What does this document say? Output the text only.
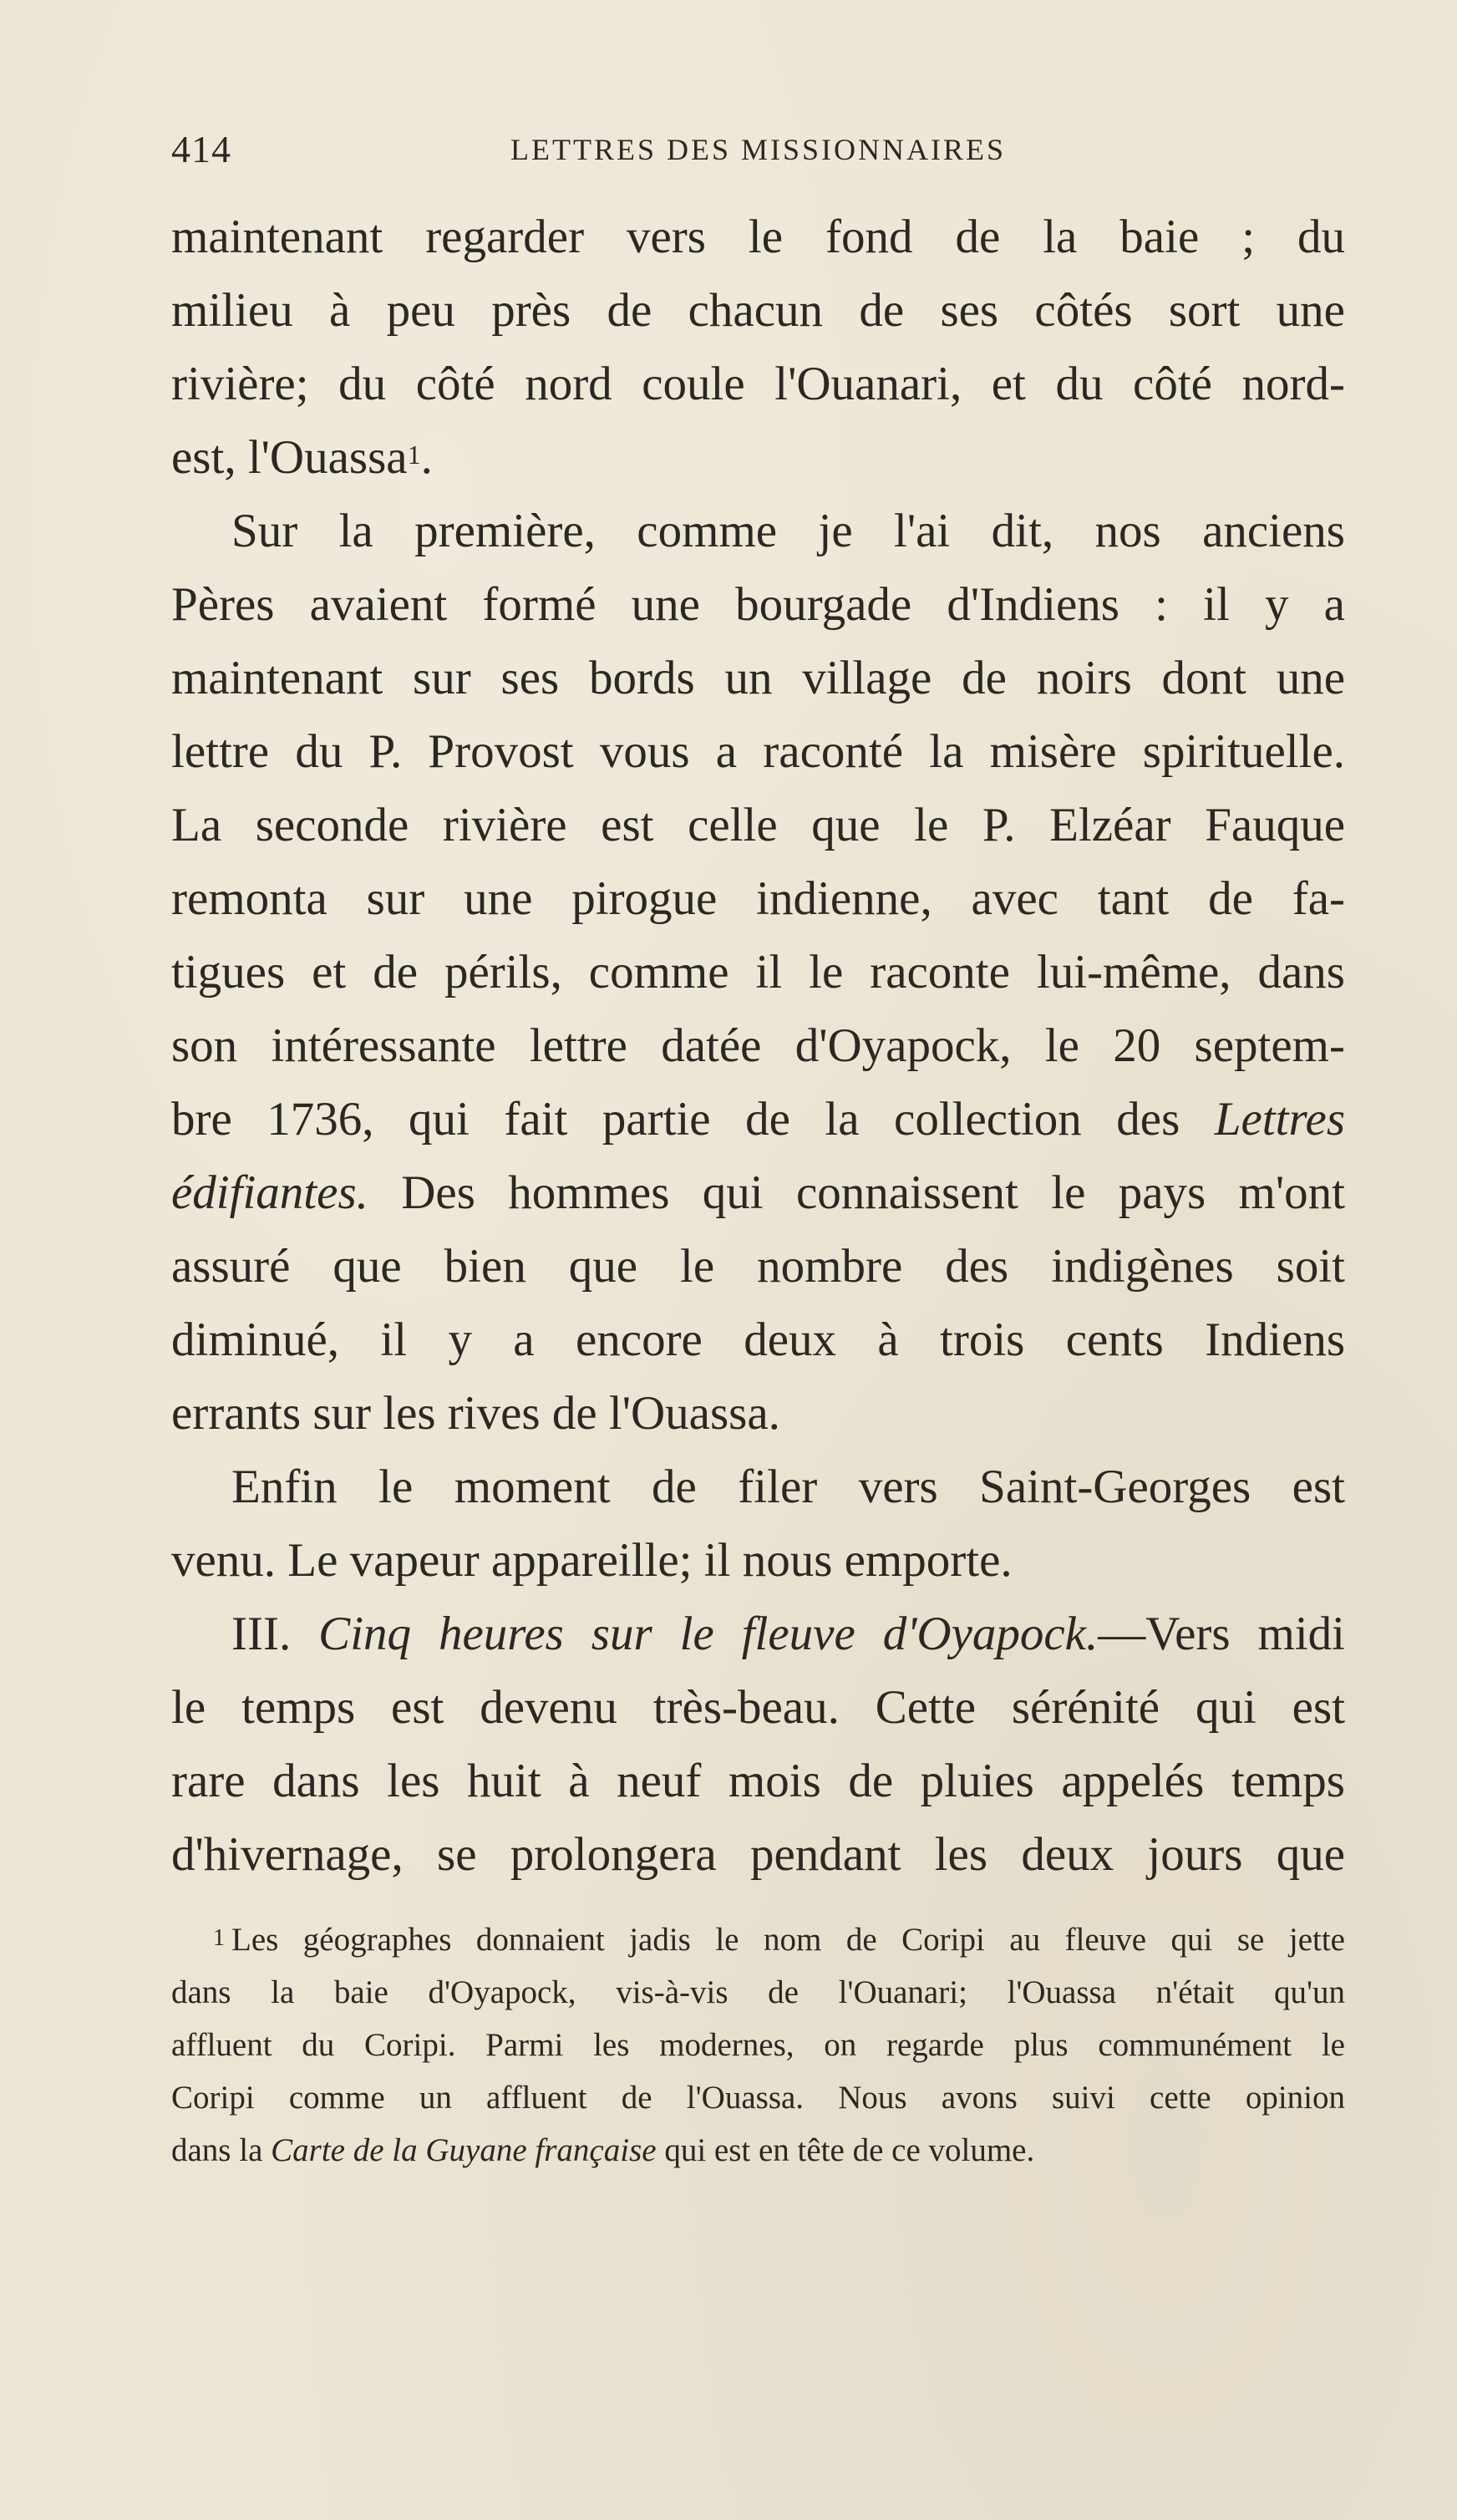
414	LETTRES DES MISSIONNAIRES
maintenant regarder vers le fond de la baie ; du
milieu à peu près de chacun de ses côtés sort une
rivière; du côté nord coule l'Ouanari, et du côté nord-
est, l'Ouassa$^1$.
Sur la première, comme je l'ai dit, nos anciens
Pères avaient formé une bourgade d'Indiens : il y a
maintenant sur ses bords un village de noirs dont une
lettre du P. Provost vous a raconté la misère spirituelle.
La seconde rivière est celle que le P. Elzéar Fauque
remonta sur une pirogue indienne, avec tant de fa-
tigues et de périls, comme il le raconte lui-même, dans
son intéressante lettre datée d'Oyapock, le 20 septem-
bre 1736, qui fait partie de la collection des Lettres
édifiantes. Des hommes qui connaissent le pays m'ont
assuré que bien que le nombre des indigènes soit
diminué, il y a encore deux à trois cents Indiens
errants sur les rives de l'Ouassa.
Enfin le moment de filer vers Saint-Georges est
venu. Le vapeur appareille; il nous emporte.
III. Cinq heures sur le fleuve d'Oyapock.—Vers midi
le temps est devenu très-beau. Cette sérénité qui est
rare dans les huit à neuf mois de pluies appelés temps
d'hivernage, se prolongera pendant les deux jours que
$^1$ Les géographes donnaient jadis le nom de Coripi au fleuve qui se jette
dans la baie d'Oyapock, vis-à-vis de l'Ouanari; l'Ouassa n'était qu'un
affluent du Coripi. Parmi les modernes, on regarde plus communément le
Coripi comme un affluent de l'Ouassa. Nous avons suivi cette opinion
dans la Carte de la Guyane française qui est en tête de ce volume.
